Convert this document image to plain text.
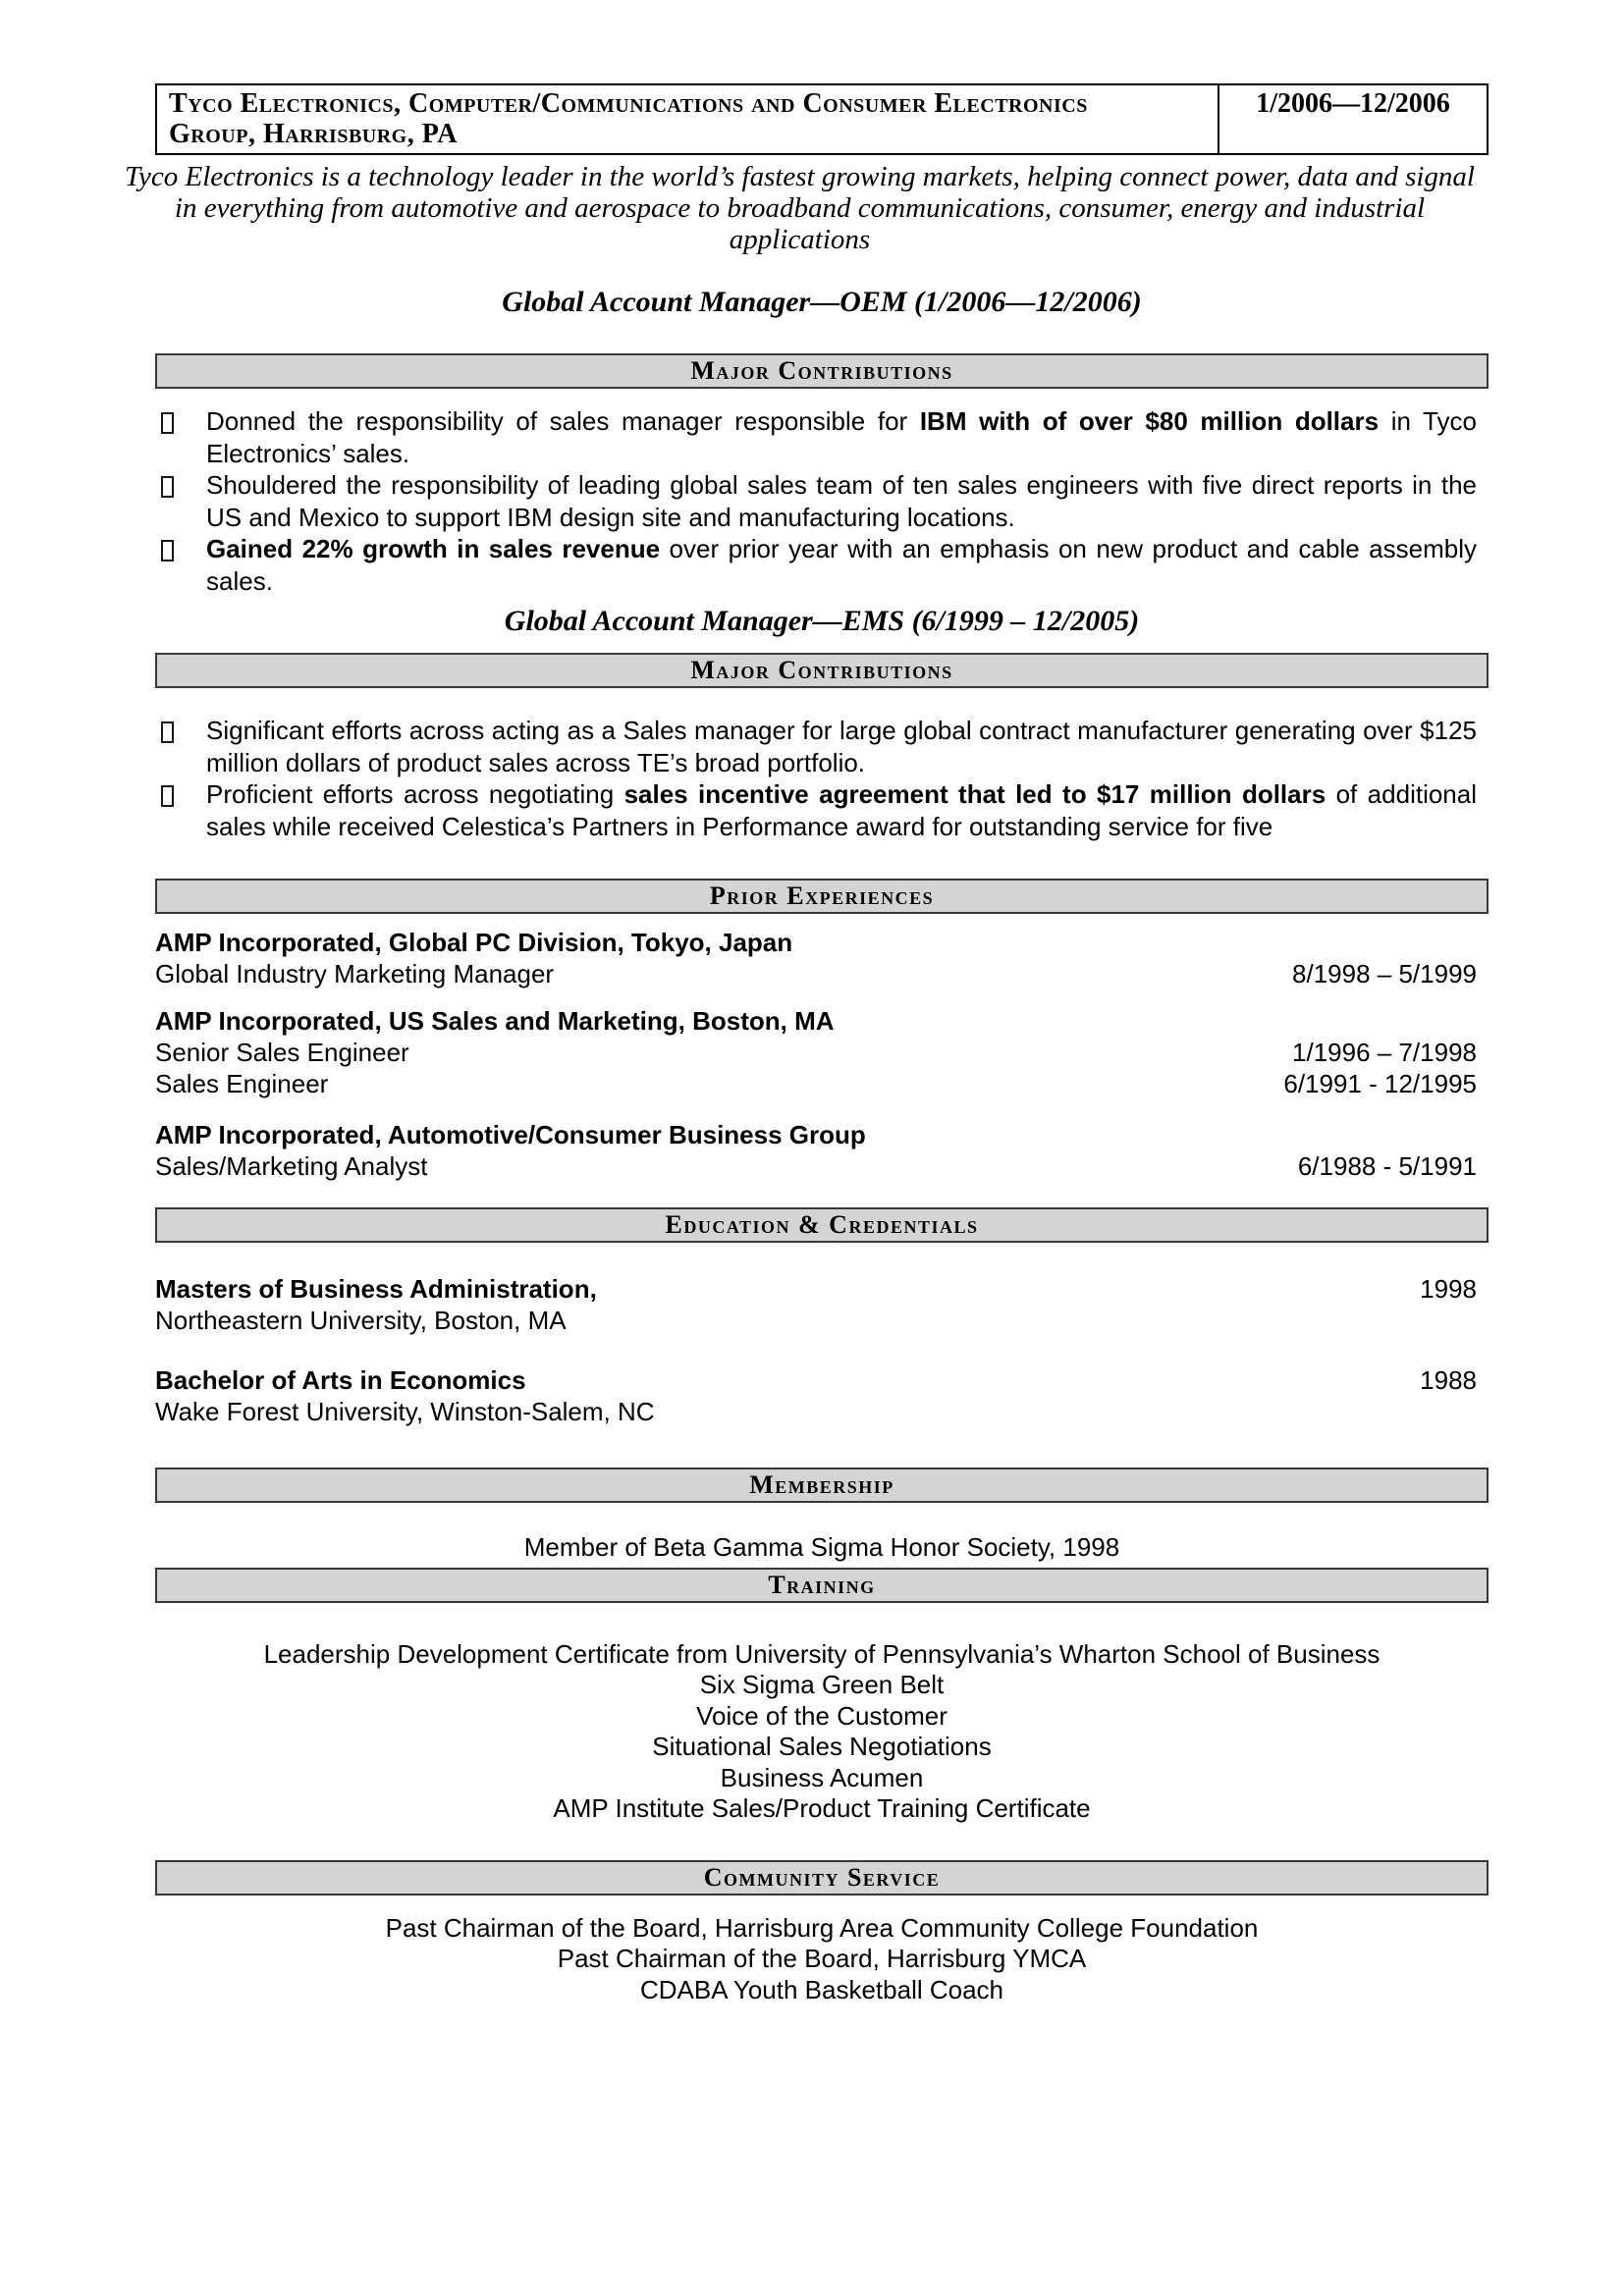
Tyco Electronics, Computer/Communications and Consumer Electronics
Group, Harrisburg, PA
1/2006—12/2006
Tyco Electronics is a technology leader in the world’s fastest growing markets, helping connect power, data and signal
in everything from automotive and aerospace to broadband communications, consumer, energy and industrial
applications
Global Account Manager—OEM (1/2006—12/2006)
Major Contributions
Donned the responsibility of sales manager responsible for IBM with of over $80 million dollars in Tyco Electronics’ sales.
Shouldered the responsibility of leading global sales team of ten sales engineers with five direct reports in the US and Mexico to support IBM design site and manufacturing locations.
Gained 22% growth in sales revenue over prior year with an emphasis on new product and cable assembly sales.
Global Account Manager—EMS (6/1999 – 12/2005)
Major Contributions
Significant efforts across acting as a Sales manager for large global contract manufacturer generating over $125 million dollars of product sales across TE’s broad portfolio.
Proficient efforts across negotiating sales incentive agreement that led to $17 million dollars of additional sales while received Celestica’s Partners in Performance award for outstanding service for five
Prior Experiences
AMP Incorporated, Global PC Division, Tokyo, Japan
Global Industry Marketing Manager	8/1998 – 5/1999
AMP Incorporated, US Sales and Marketing, Boston, MA
Senior Sales Engineer	1/1996 – 7/1998
Sales Engineer	6/1991 - 12/1995
AMP Incorporated, Automotive/Consumer Business Group
Sales/Marketing Analyst	6/1988 - 5/1991
Education & Credentials
Masters of Business Administration,	1998
Northeastern University, Boston, MA
Bachelor of Arts in Economics	1988
Wake Forest University, Winston-Salem, NC
Membership
Member of Beta Gamma Sigma Honor Society, 1998
Training
Leadership Development Certificate from University of Pennsylvania’s Wharton School of Business
Six Sigma Green Belt
Voice of the Customer
Situational Sales Negotiations
Business Acumen
AMP Institute Sales/Product Training Certificate
Community Service
Past Chairman of the Board, Harrisburg Area Community College Foundation
Past Chairman of the Board, Harrisburg YMCA
CDABA Youth Basketball Coach
